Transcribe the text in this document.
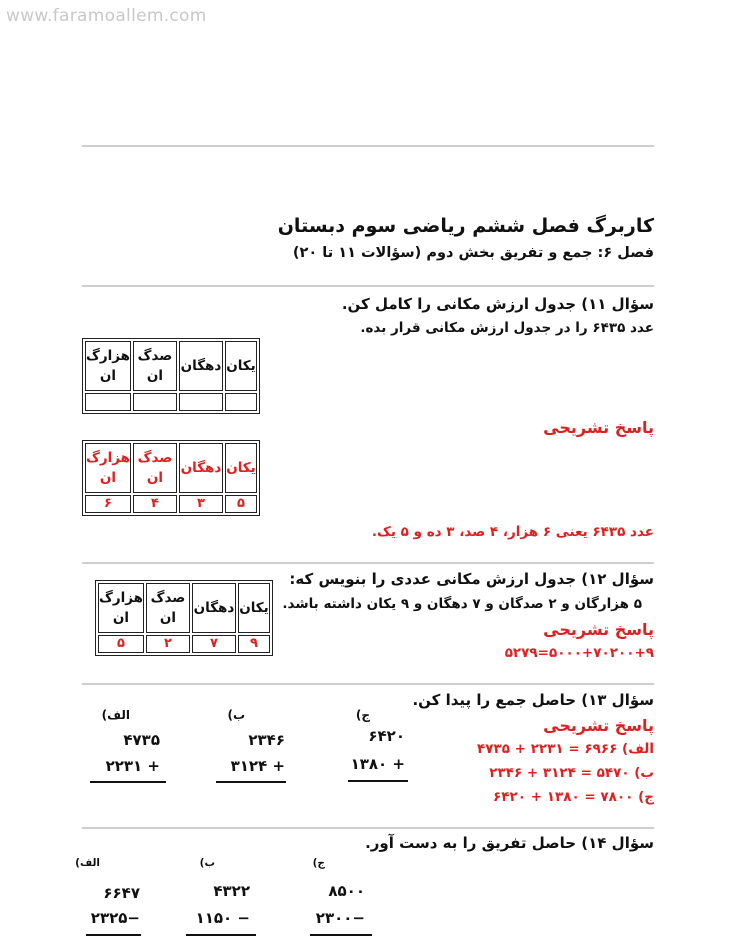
www.faramoallem.com
کاربرگ فصل ششم ریاضی سوم دبستان
فصل ۶: جمع و تفریق بخش دوم (سؤالات ۱۱ تا ۲۰)
سؤال ۱۱) جدول ارزش مکانی را کامل کن.
عدد ۶۴۳۵ را در جدول ارزش مکانی قرار بده.
یکان	دهگان	صدگ ان	هزارگ ان

پاسخ تشریحی
یکان	دهگان	صدگ ان	هزارگ ان
۵	۳	۴	۶
عدد ۶۴۳۵ یعنی ۶ هزار، ۴ صد، ۳ ده و ۵ یک.
سؤال ۱۲) جدول ارزش مکانی عددی را بنویس که:
۵ هزارگان و ۲ صدگان و ۷ دهگان و ۹ یکان داشته باشد.
پاسخ تشریحی
۵۰۰۰+۷۰۲۰۰+۹=۵۲۷۹
یکان	دهگان	صدگ ان	هزارگ ان
۹	۷	۲	۵
سؤال ۱۳) حاصل جمع را پیدا کن.
پاسخ تشریحی
الف) ۶۹۶۶ = ۲۲۳۱ + ۴۷۳۵
ب) ۵۴۷۰ = ۳۱۲۴ + ۲۳۴۶
ج) ۷۸۰۰ = ۱۳۸۰ + ۶۴۲۰
الف)
۴۷۳۵
+ ۲۲۳۱
ب)
۲۳۴۶
+ ۳۱۲۴
ج)
۶۴۲۰
+ ۱۳۸۰
سؤال ۱۴) حاصل تفریق را به دست آور.
الف)
۶۶۴۷
−۲۳۲۵
ب)
۴۳۲۲
− ۱۱۵۰
ج)
۸۵۰۰
−۲۳۰۰
